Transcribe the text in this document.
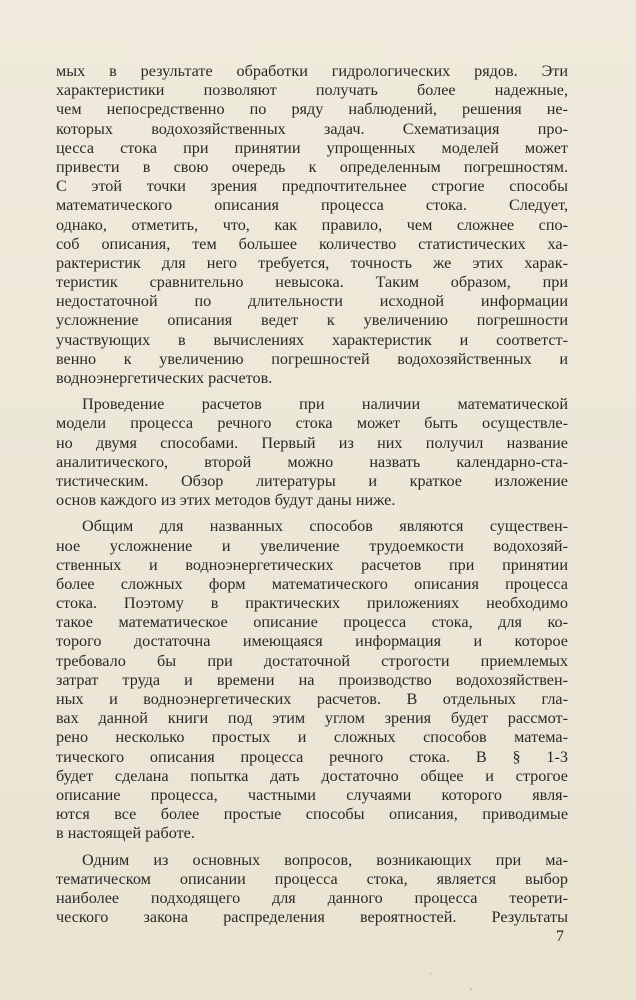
мых в результате обработки гидрологических рядов. Эти
характеристики позволяют получать более надежные,
чем непосредственно по ряду наблюдений, решения не-
которых водохозяйственных задач. Схематизация про-
цесса стока при принятии упрощенных моделей может
привести в свою очередь к определенным погрешностям.
С этой точки зрения предпочтительнее строгие способы
математического описания процесса стока. Следует,
однако, отметить, что, как правило, чем сложнее спо-
соб описания, тем большее количество статистических ха-
рактеристик для него требуется, точность же этих харак-
теристик сравнительно невысока. Таким образом, при
недостаточной по длительности исходной информации
усложнение описания ведет к увеличению погрешности
участвующих в вычислениях характеристик и соответст-
венно к увеличению погрешностей водохозяйственных и
водноэнергетических расчетов.
Проведение расчетов при наличии математической
модели процесса речного стока может быть осуществле-
но двумя способами. Первый из них получил название
аналитического, второй можно назвать календарно-ста-
тистическим. Обзор литературы и краткое изложение
основ каждого из этих методов будут даны ниже.
Общим для названных способов являются существен-
ное усложнение и увеличение трудоемкости водохозяй-
ственных и водноэнергетических расчетов при принятии
более сложных форм математического описания процесса
стока. Поэтому в практических приложениях необходимо
такое математическое описание процесса стока, для ко-
торого достаточна имеющаяся информация и которое
требовало бы при достаточной строгости приемлемых
затрат труда и времени на производство водохозяйствен-
ных и водноэнергетических расчетов. В отдельных гла-
вах данной книги под этим углом зрения будет рассмот-
рено несколько простых и сложных способов матема-
тического описания процесса речного стока. В § 1-3
будет сделана попытка дать достаточно общее и строгое
описание процесса, частными случаями которого явля-
ются все более простые способы описания, приводимые
в настоящей работе.
Одним из основных вопросов, возникающих при ма-
тематическом описании процесса стока, является выбор
наиболее подходящего для данного процесса теорети-
ческого закона распределения вероятностей. Результаты
7
